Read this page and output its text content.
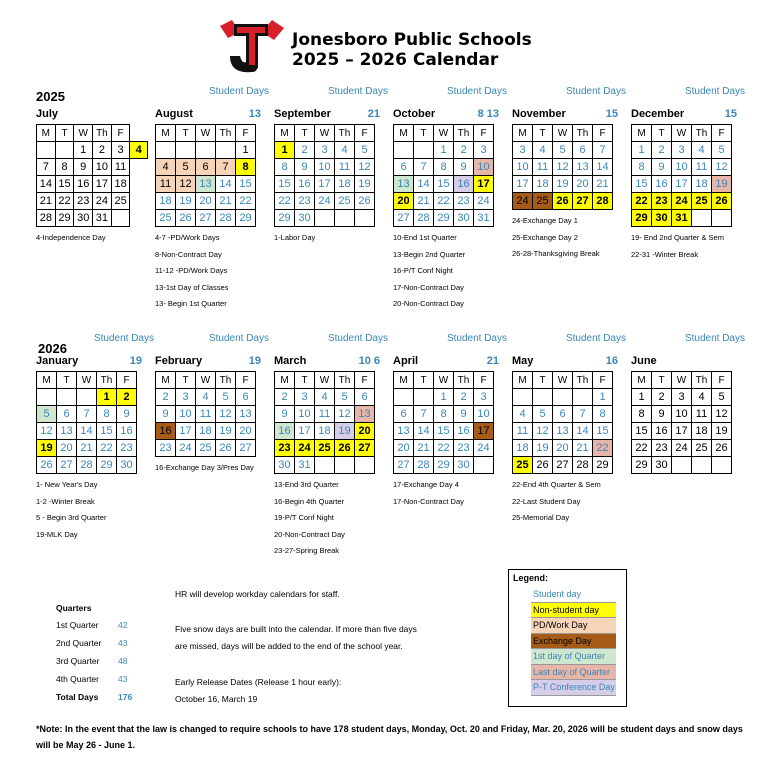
Jonesboro Public Schools
2025 – 2026 Calendar
2025
2026
July
M	T	W	Th	F	
		1	2	3	4
7	8	9	10	11	
14	15	16	17	18	
21	22	23	24	25	
28	29	30	31		
4-Independence Day
Student Days
August	13
M	T	W	Th	F
				1
4	5	6	7	8
11	12	13	14	15
18	19	20	21	22
25	26	27	28	29
4-7 -PD/Work Days
8-Non-Contract Day
11-12 -PD/Work Days
13-1st Day of Classes
13- Begin 1st Quarter
Student Days
September	21
M	T	W	Th	F
1	2	3	4	5
8	9	10	11	12
15	16	17	18	19
22	23	24	25	26
29	30			
1-Labor Day
Student Days
October	8 13
M	T	W	Th	F
		1	2	3
6	7	8	9	10
13	14	15	16	17
20	21	22	23	24
27	28	29	30	31
10-End 1st Quarter
13-Begin 2nd Quarter
16-P/T Conf Night
17-Non-Contract Day
20-Non-Contract Day
Student Days
November	15
M	T	W	Th	F
3	4	5	6	7
10	11	12	13	14
17	18	19	20	21
24	25	26	27	28
24-Exchange Day 1
25-Exchange Day 2
26-28-Thanksgiving Break
Student Days
December	15
M	T	W	Th	F
1	2	3	4	5
8	9	10	11	12
15	16	17	18	19
22	23	24	25	26
29	30	31		
19- End 2nd Quarter & Sem
22-31 -Winter Break
Student Days
January	19
M	T	W	Th	F
			1	2
5	6	7	8	9
12	13	14	15	16
19	20	21	22	23
26	27	28	29	30
1- New Year's Day
1-2 -Winter Break
5 - Begin 3rd Quarter
19-MLK Day
Student Days
February	19
M	T	W	Th	F
2	3	4	5	6
9	10	11	12	13
16	17	18	19	20
23	24	25	26	27
16-Exchange Day 3/Pres Day
Student Days
March	10 6
M	T	W	Th	F
2	3	4	5	6
9	10	11	12	13
16	17	18	19	20
23	24	25	26	27
30	31			
13-End 3rd Quarter
16-Begin 4th Quarter
19-P/T Conf Night
20-Non-Contract Day
23-27-Spring Break
Student Days
April	21
M	T	W	Th	F
		1	2	3
6	7	8	9	10
13	14	15	16	17
20	21	22	23	24
27	28	29	30	
17-Exchange Day 4
17-Non-Contract Day
Student Days
May	16
M	T	W	Th	F
				1
4	5	6	7	8
11	12	13	14	15
18	19	20	21	22
25	26	27	28	29
22-End 4th Quarter & Sem
22-Last Student Day
25-Memorial Day
Student Days
June
M	T	W	Th	F
1	2	3	4	5
8	9	10	11	12
15	16	17	18	19
22	23	24	25	26
29	30			
Legend:
Student day
Non-student day
PD/Work Day
Exchange Day
1st day of Quarter
Last day of Quarter
P-T Conference Day
Quarters
1st Quarter 42
2nd Quarter 43
3rd Quarter 48
4th Quarter 43
Total Days 176
HR will develop workday calendars for staff.
Five snow days are built into the calendar. If more than five days
are missed, days will be added to the end of the school year.
Early Release Dates (Release 1 hour early):
October 16, March 19
*Note: In the event that the law is changed to require schools to have 178 student days, Monday, Oct. 20 and Friday, Mar. 20, 2026 will be student days and snow days will be May 26 - June 1.
